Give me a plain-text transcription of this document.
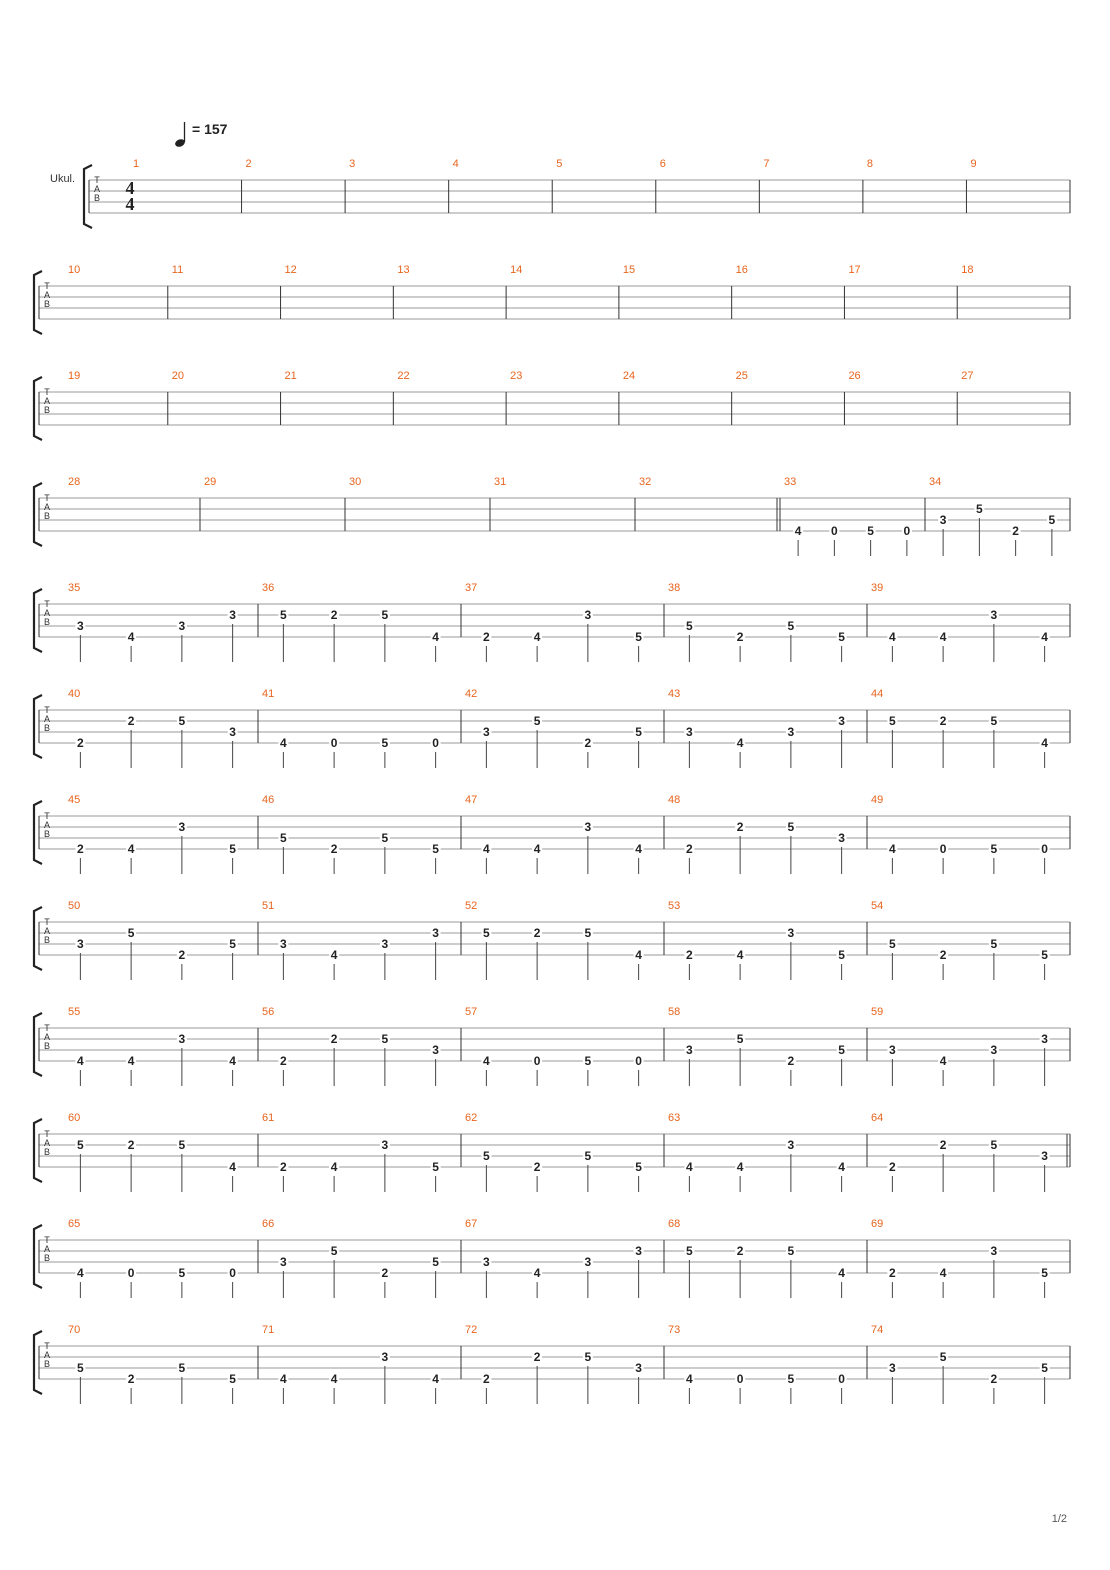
= 157
Ukul. T
A
B 4
4
1	2	3	4	5	6	7	8	9
T
A
B
10	11	12	13	14	15	16	17	18
T
A
B
19	20	21	22	23	24	25	26	27
T
A
B
28	29	30	31	32	33
4 0 5 0
34
3
5
2
5
T
A
B
35
3
4
3
3
36
5	2	5
4
37
2	4
3
5
38
5
2
5
5
39
4	4
3
4
T
A
B
40
2
2	5
3
41
4	0	5	0
42
3
5
2
5
43
3
4
3
3
44
5	2	5
4
T
A
B
45
2	4
3
5
46
5
2
5
5
47
4	4
3
4
48
2
2	5
3
49
4	0	5	0
T
A
B
50
3
5
2
5
51
3
4
3
3
52
5	2	5
4
53
2	4
3
5
54
5
2
5
5
T
A
B
55
4	4
3
4
56
2
2	5
3
57
4	0	5	0
58
3
5
2
5
59
3
4
3
3
T
A
B
60
5	2	5
4
61
2	4
3
5
62
5
2
5
5
63
4	4
3
4
64
2
2	5
3
T
A
B
65
4	0	5	0
66
3
5
2
5
67
3
4
3
3
68
5	2	5
4
69
2	4
3
5
T
A
B
70
5
2
5
5
71
4	4
3
4
72
2
2	5
3
73
4	0	5	0
74
3
5
2
5
1/2
